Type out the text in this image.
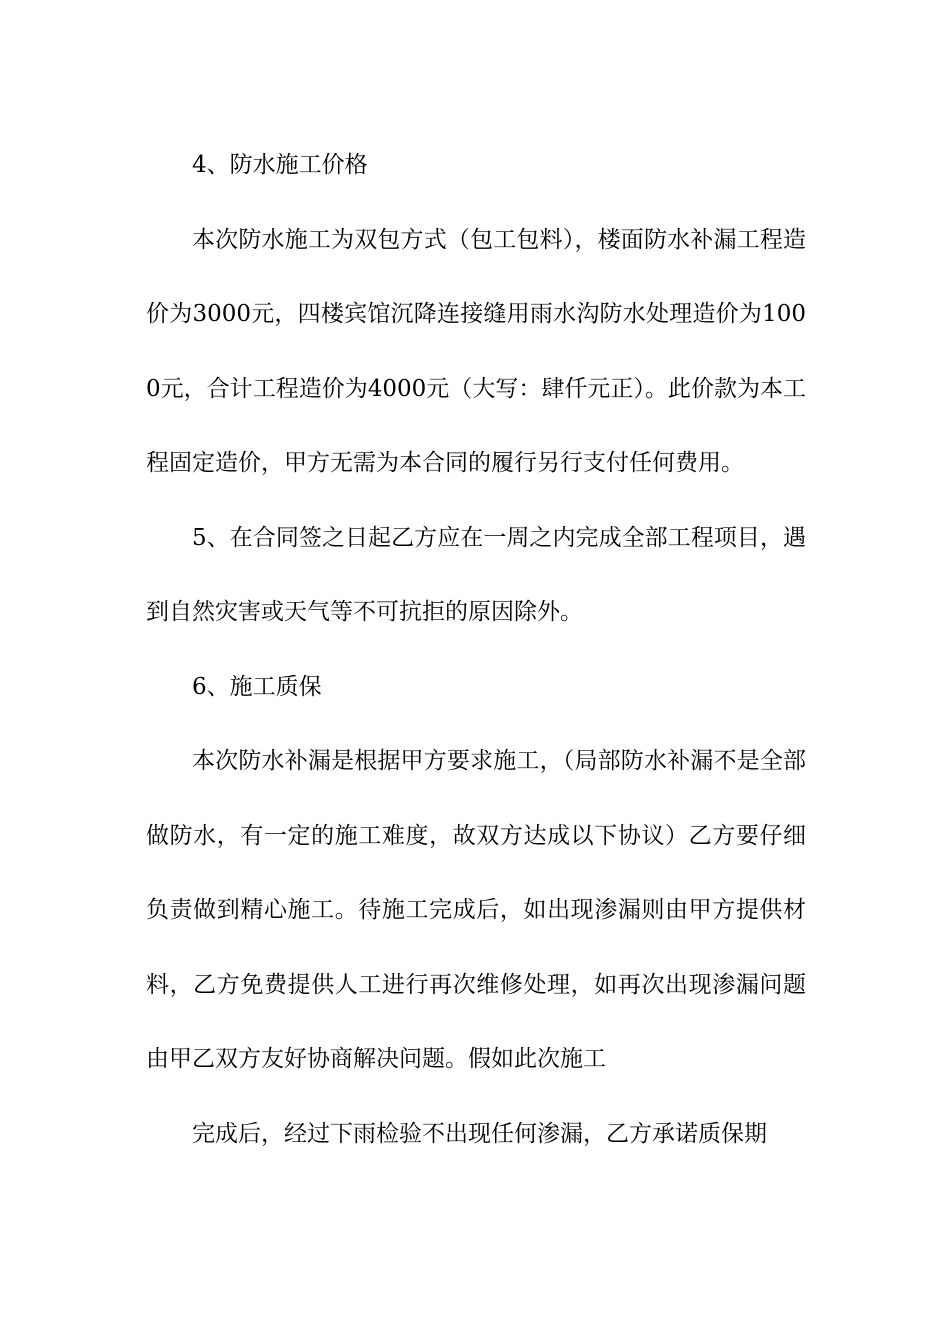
4、防水施工价格

本次防水施工为双包方式（包工包料），楼面防水补漏工程造价为3000元，四楼宾馆沉降连接缝用雨水沟防水处理造价为1000元，合计工程造价为4000元（大写：肆仟元正）。此价款为本工程固定造价，甲方无需为本合同的履行另行支付任何费用。

5、在合同签之日起乙方应在一周之内完成全部工程项目，遇到自然灾害或天气等不可抗拒的原因除外。

6、施工质保

本次防水补漏是根据甲方要求施工，（局部防水补漏不是全部做防水，有一定的施工难度，故双方达成以下协议）乙方要仔细负责做到精心施工。待施工完成后，如出现渗漏则由甲方提供材料，乙方免费提供人工进行再次维修处理，如再次出现渗漏问题由甲乙双方友好协商解决问题。假如此次施工

完成后，经过下雨检验不出现任何渗漏，乙方承诺质保期
